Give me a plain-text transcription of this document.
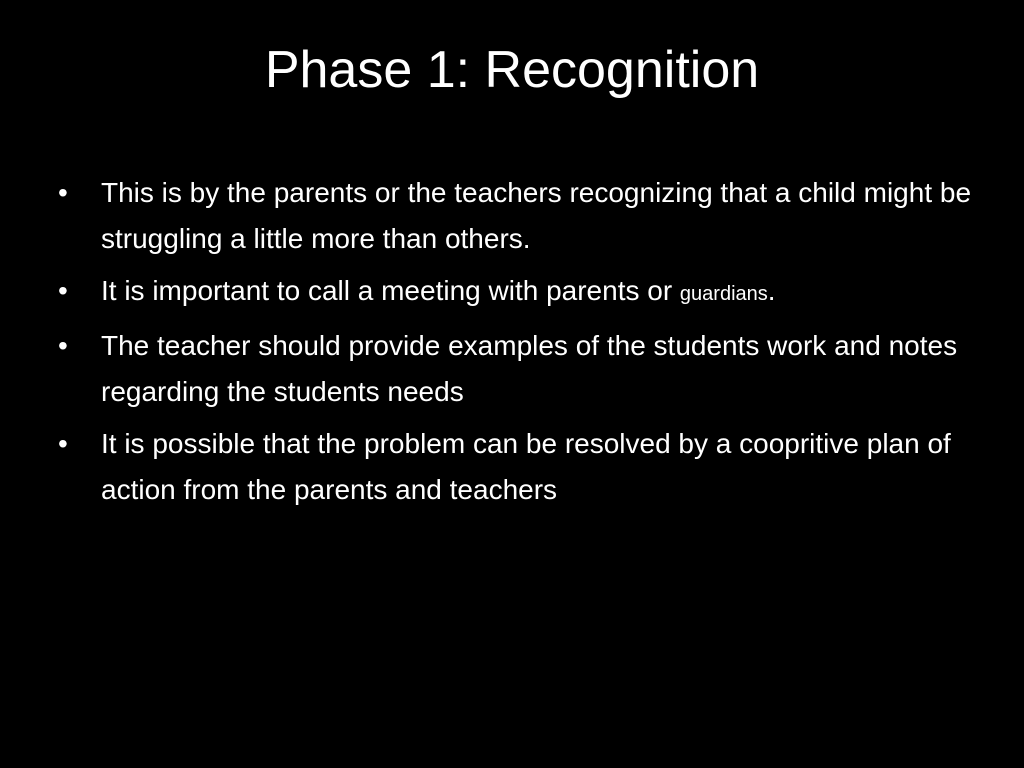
Phase 1: Recognition
• This is by the parents or the teachers recognizing that a child might be struggling a little more than others.
• It is important to call a meeting with parents or guardians.
• The teacher should provide examples of the students work and notes regarding the students needs
• It is possible that the problem can be resolved by a coopritive plan of action from the parents and teachers
